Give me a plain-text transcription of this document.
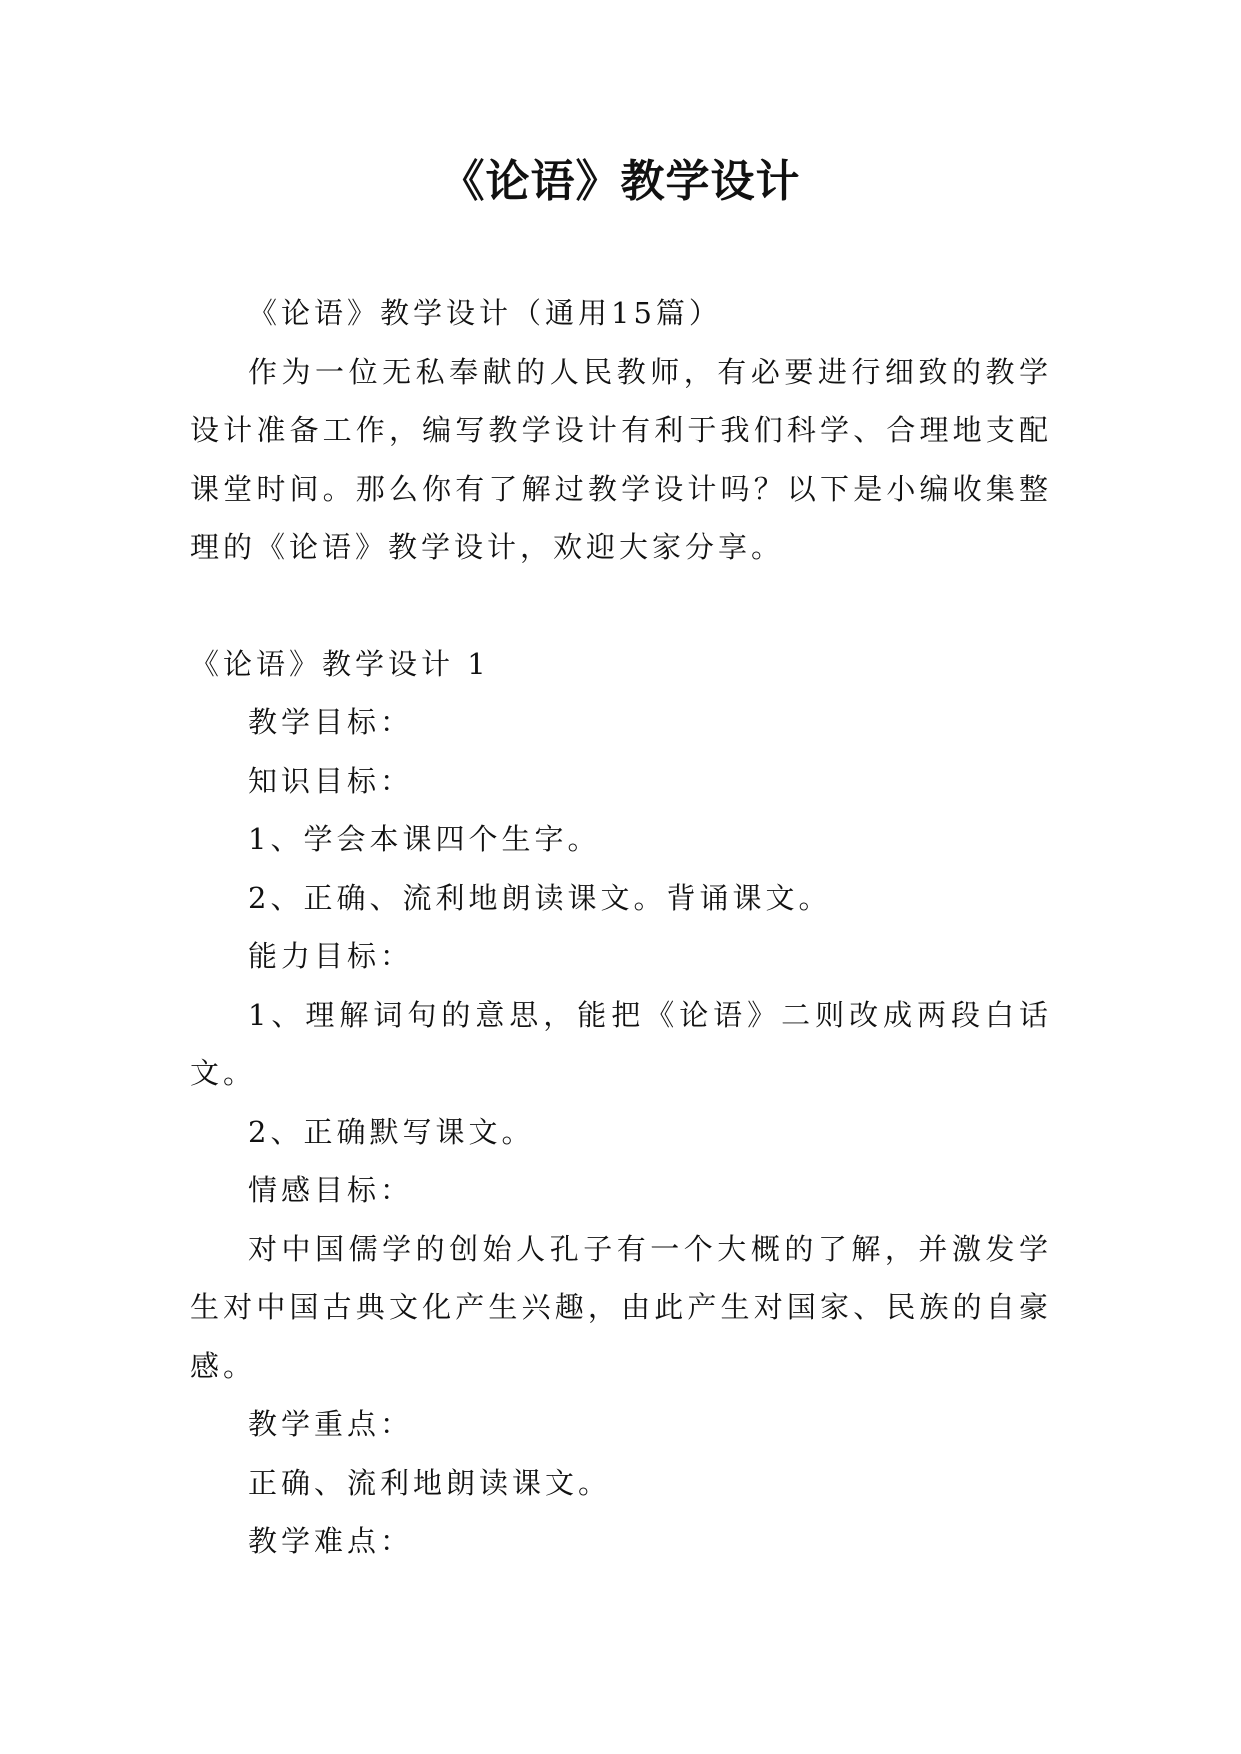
《论语》教学设计

《论语》教学设计（通用15篇）

作为一位无私奉献的人民教师，有必要进行细致的教学设计准备工作，编写教学设计有利于我们科学、合理地支配课堂时间。那么你有了解过教学设计吗？以下是小编收集整理的《论语》教学设计，欢迎大家分享。

《论语》教学设计 1

教学目标：

知识目标：

1、学会本课四个生字。

2、正确、流利地朗读课文。背诵课文。

能力目标：

1、理解词句的意思，能把《论语》二则改成两段白话文。

2、正确默写课文。

情感目标：

对中国儒学的创始人孔子有一个大概的了解，并激发学生对中国古典文化产生兴趣，由此产生对国家、民族的自豪感。

教学重点：

正确、流利地朗读课文。

教学难点：
